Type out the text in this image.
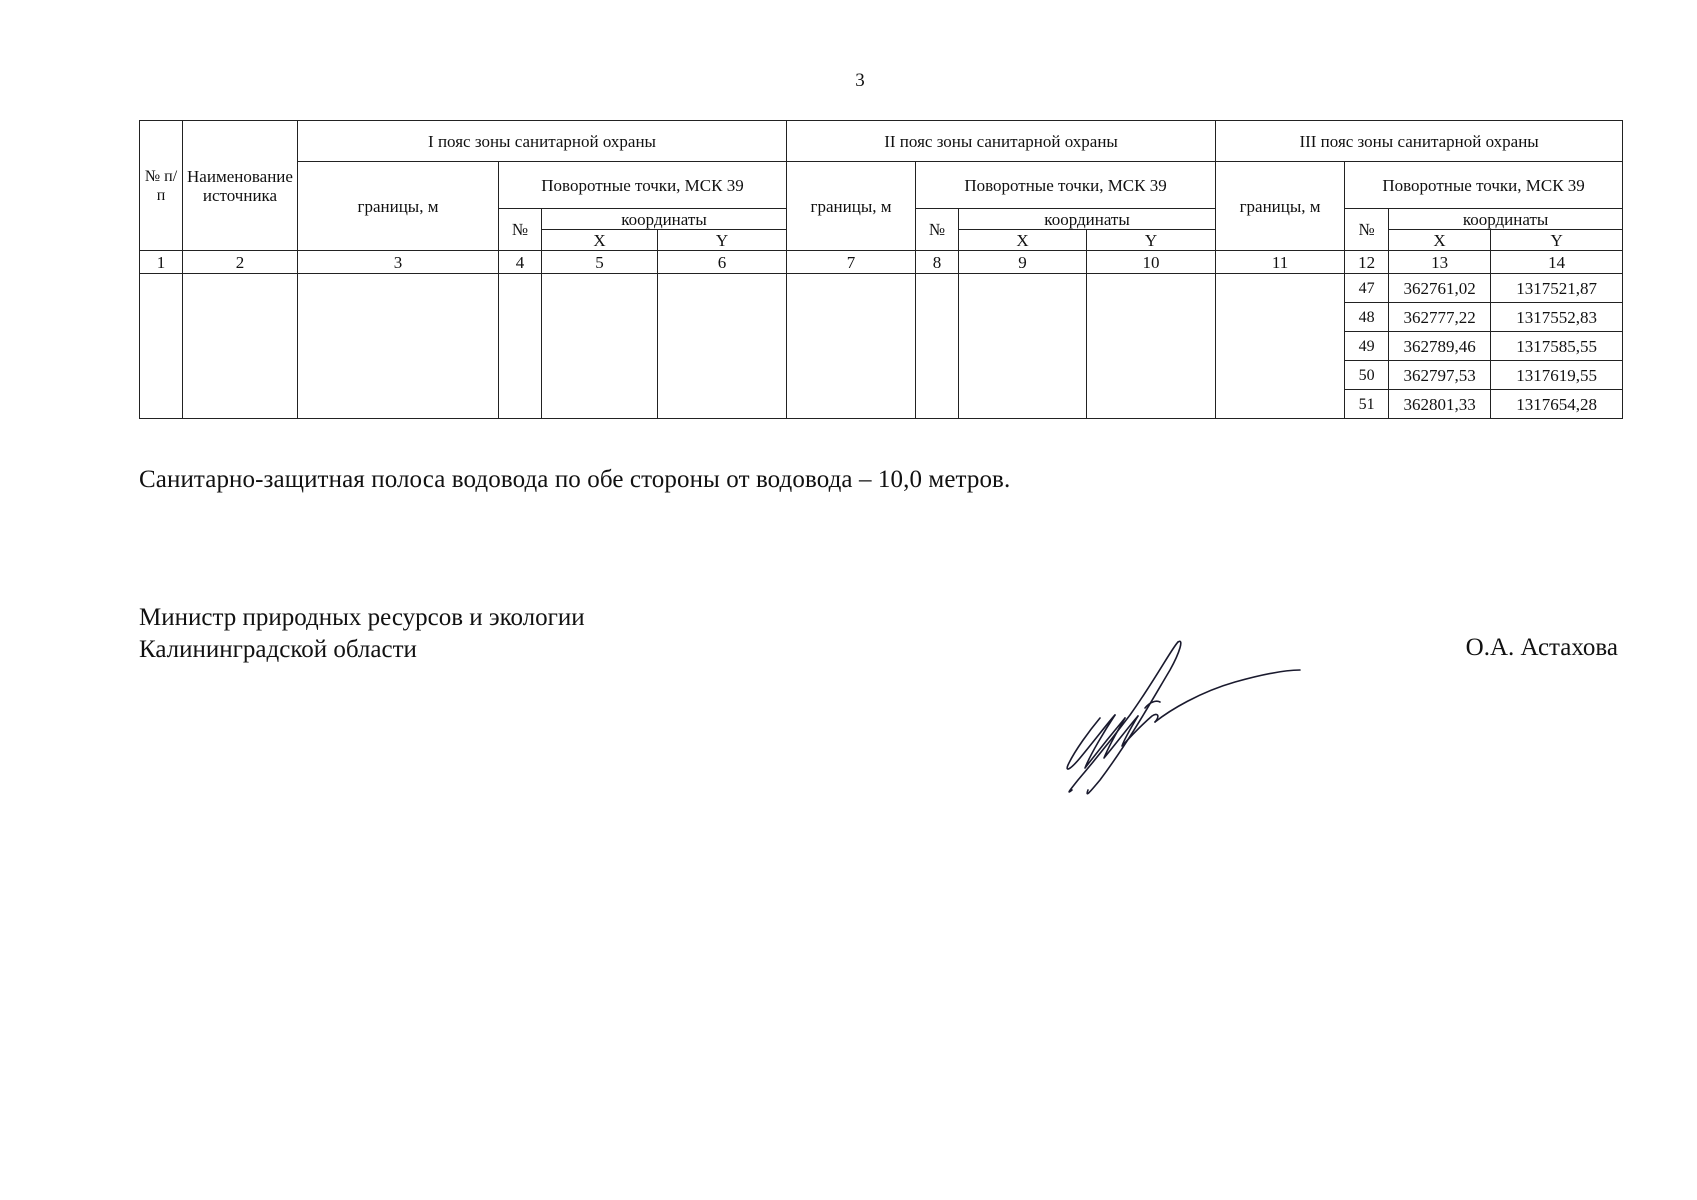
3
№ п/п	Наименование источника	I пояс зоны санитарной охраны				II пояс зоны санитарной охраны				III пояс зоны санитарной охраны			
		границы, м	Поворотные точки, МСК 39			границы, м	Поворотные точки, МСК 39			границы, м	Поворотные точки, МСК 39		
			№	координаты			№	координаты			№	координаты	
				X	Y			X	Y			X	Y
1	2	3	4	5	6	7	8	9	10	11	12	13	14
											47	362761,02	1317521,87
											48	362777,22	1317552,83
											49	362789,46	1317585,55
											50	362797,53	1317619,55
											51	362801,33	1317654,28
Санитарно-защитная полоса водовода по обе стороны от водовода – 10,0 метров.
Министр природных ресурсов и экологии
Калининградской области	О.А. Астахова
